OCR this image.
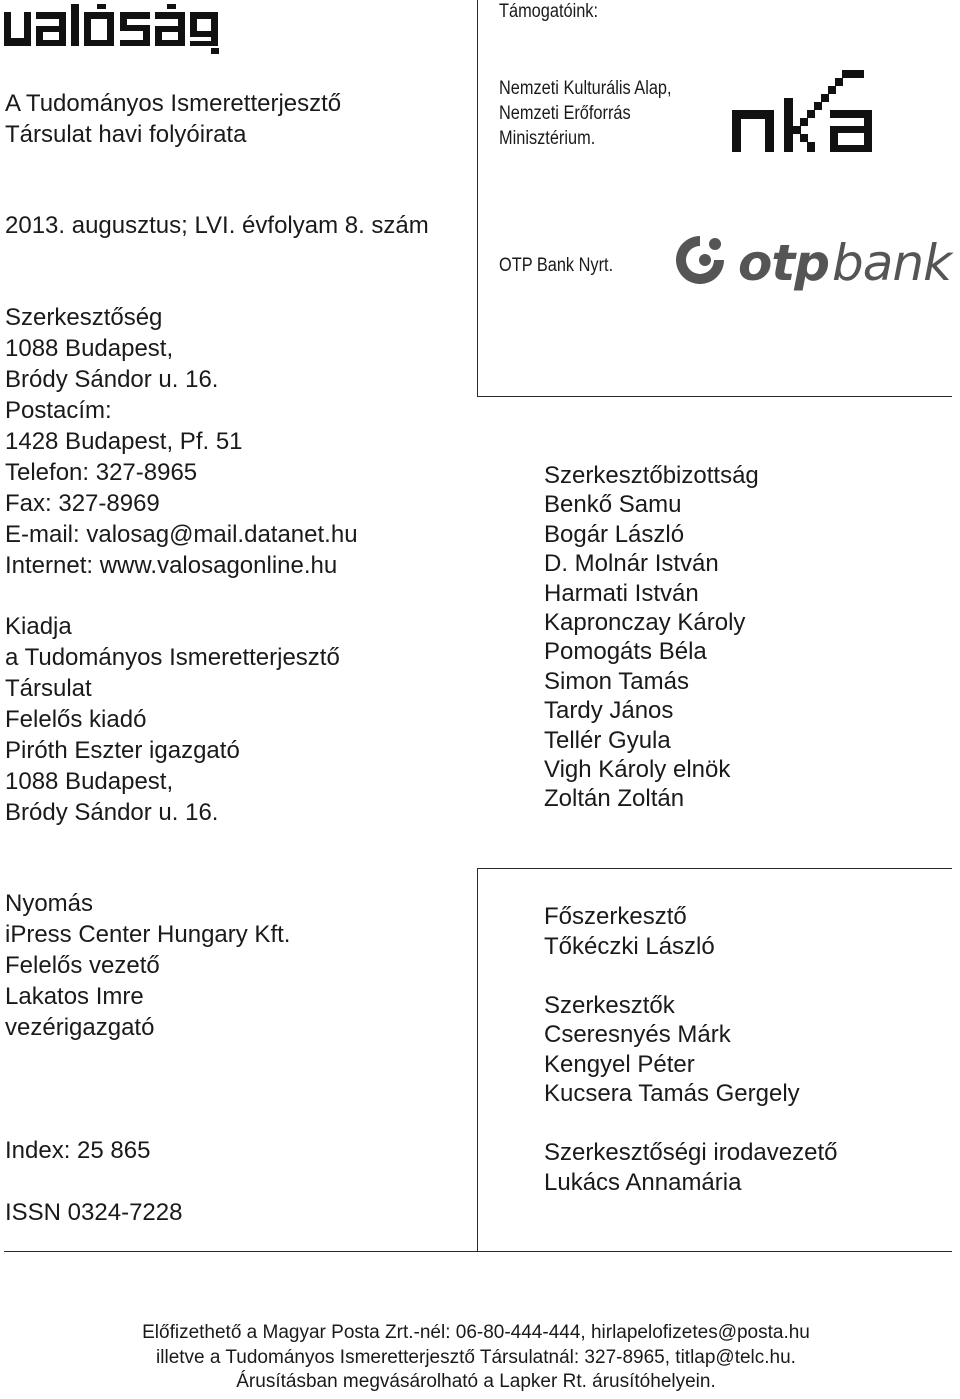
A Tudományos Ismeretterjesztő
Társulat havi folyóirata
2013. augusztus; LVI. évfolyam 8. szám
Szerkesztőség
1088 Budapest,
Bródy Sándor u. 16.
Postacím:
1428 Budapest, Pf. 51
Telefon: 327-8965
Fax: 327-8969
E-mail: valosag@mail.datanet.hu
Internet: www.valosagonline.hu
Kiadja
a Tudományos Ismeretterjesztő
Társulat
Felelős kiadó
Piróth Eszter igazgató
1088 Budapest,
Bródy Sándor u. 16.
Nyomás
iPress Center Hungary Kft.
Felelős vezető
Lakatos Imre
vezérigazgató
Index: 25 865
ISSN 0324-7228
Támogatóink:
Nemzeti Kulturális Alap,
Nemzeti Erőforrás
Minisztérium.
OTP Bank Nyrt. otp bank
Szerkesztőbizottság
Benkő Samu
Bogár László
D. Molnár István
Harmati István
Kapronczay Károly
Pomogáts Béla
Simon Tamás
Tardy János
Tellér Gyula
Vigh Károly elnök
Zoltán Zoltán
Főszerkesztő
Tőkéczki László
Szerkesztők
Cseresnyés Márk
Kengyel Péter
Kucsera Tamás Gergely
Szerkesztőségi irodavezető
Lukács Annamária
Előfizethető a Magyar Posta Zrt.-nél: 06-80-444-444, hirlapelofizetes@posta.hu
illetve a Tudományos Ismeretterjesztő Társulatnál: 327-8965, titlap@telc.hu.
Árusításban megvásárolható a Lapker Rt. árusítóhelyein.
